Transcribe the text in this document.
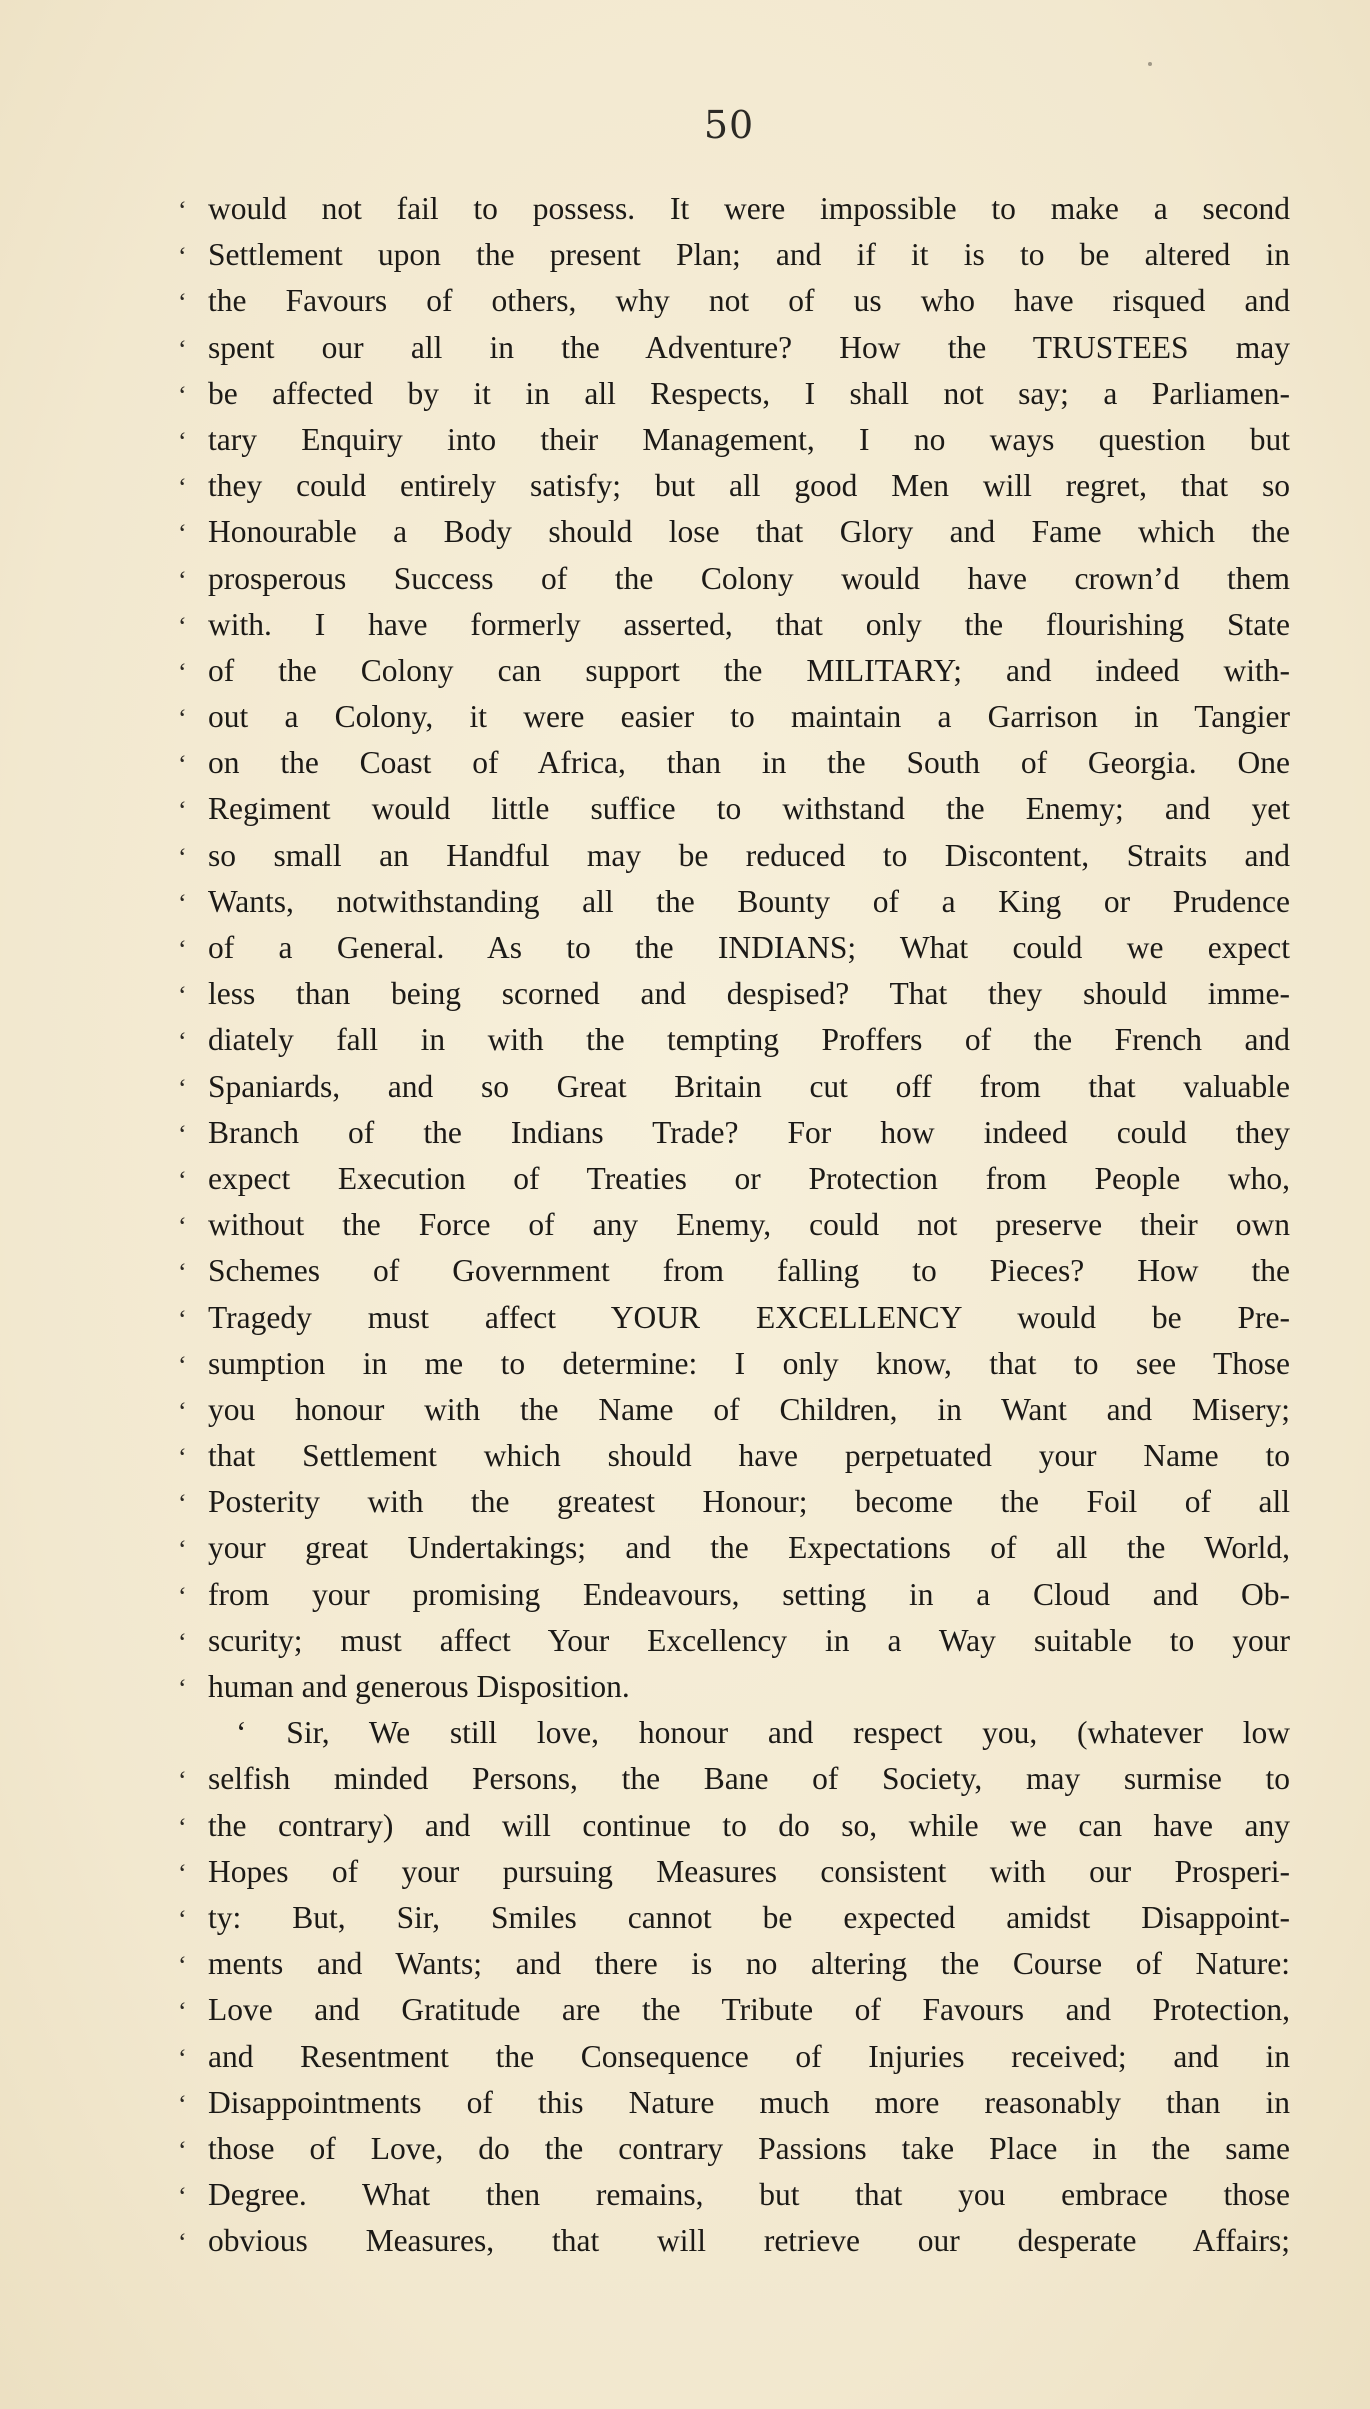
50
‘ would not fail to possess. It were impossible to make a second
‘ Settlement upon the present Plan; and if it is to be altered in
‘ the Favours of others, why not of us who have risqued and
‘ spent our all in the Adventure? How the TRUSTEES may
‘ be affected by it in all Respects, I shall not say; a Parliamen-
‘ tary Enquiry into their Management, I no ways question but
‘ they could entirely satisfy; but all good Men will regret, that so
‘ Honourable a Body should lose that Glory and Fame which the
‘ prosperous Success of the Colony would have crown’d them
‘ with. I have formerly asserted, that only the flourishing State
‘ of the Colony can support the MILITARY; and indeed with-
‘ out a Colony, it were easier to maintain a Garrison in Tangier
‘ on the Coast of Africa, than in the South of Georgia. One
‘ Regiment would little suffice to withstand the Enemy; and yet
‘ so small an Handful may be reduced to Discontent, Straits and
‘ Wants, notwithstanding all the Bounty of a King or Prudence
‘ of a General. As to the INDIANS; What could we expect
‘ less than being scorned and despised? That they should imme-
‘ diately fall in with the tempting Proffers of the French and
‘ Spaniards, and so Great Britain cut off from that valuable
‘ Branch of the Indians Trade? For how indeed could they
‘ expect Execution of Treaties or Protection from People who,
‘ without the Force of any Enemy, could not preserve their own
‘ Schemes of Government from falling to Pieces? How the
‘ Tragedy must affect YOUR EXCELLENCY would be Pre-
‘ sumption in me to determine: I only know, that to see Those
‘ you honour with the Name of Children, in Want and Misery;
‘ that Settlement which should have perpetuated your Name to
‘ Posterity with the greatest Honour; become the Foil of all
‘ your great Undertakings; and the Expectations of all the World,
‘ from your promising Endeavours, setting in a Cloud and Ob-
‘ scurity; must affect Your Excellency in a Way suitable to your
‘ human and generous Disposition.
‘ Sir, We still love, honour and respect you, (whatever low
‘ selfish minded Persons, the Bane of Society, may surmise to
‘ the contrary) and will continue to do so, while we can have any
‘ Hopes of your pursuing Measures consistent with our Prosperi-
‘ ty: But, Sir, Smiles cannot be expected amidst Disappoint-
‘ ments and Wants; and there is no altering the Course of Nature:
‘ Love and Gratitude are the Tribute of Favours and Protection,
‘ and Resentment the Consequence of Injuries received; and in
‘ Disappointments of this Nature much more reasonably than in
‘ those of Love, do the contrary Passions take Place in the same
‘ Degree. What then remains, but that you embrace those
‘ obvious Measures, that will retrieve our desperate Affairs;
